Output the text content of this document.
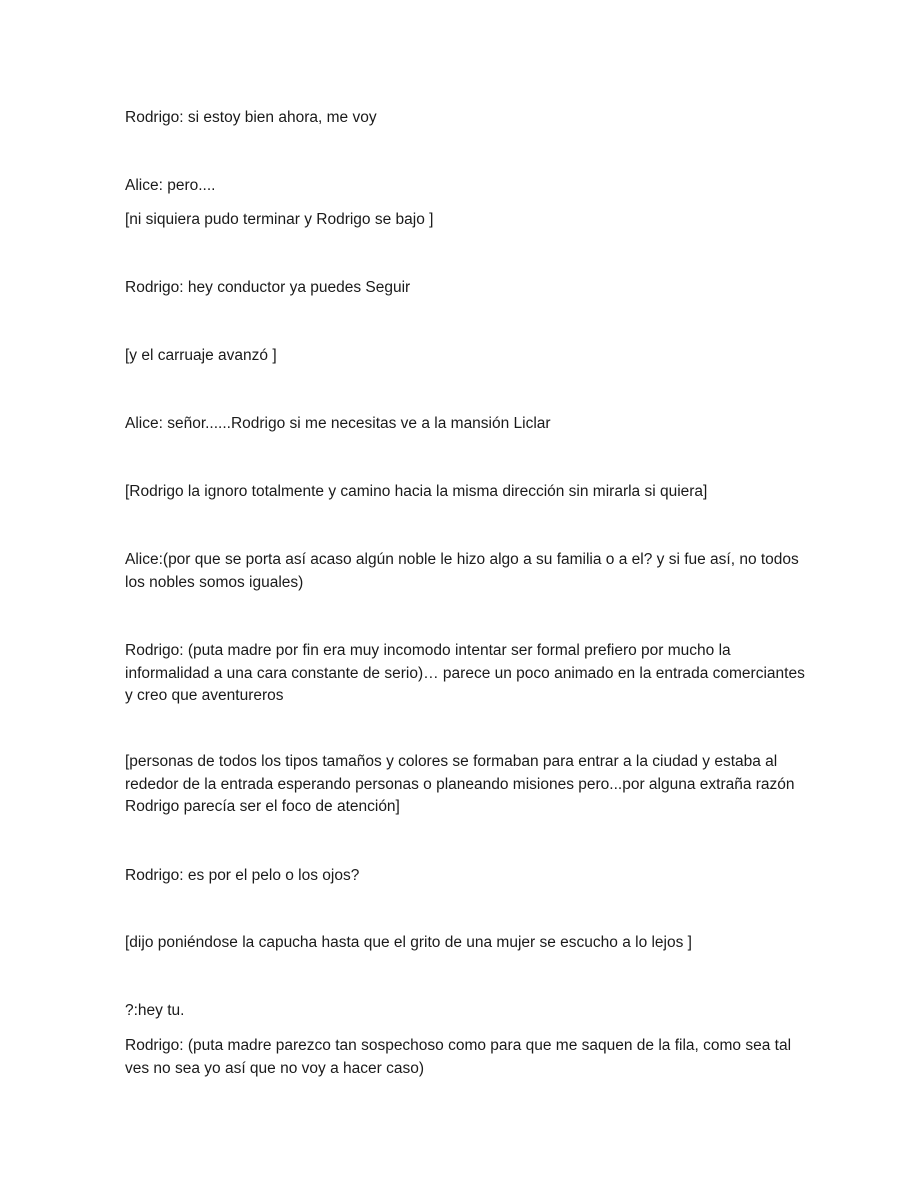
Rodrigo: si estoy bien ahora, me voy

Alice: pero....

[ni siquiera pudo terminar y Rodrigo se bajo ]

Rodrigo: hey conductor ya puedes Seguir

[y el carruaje avanzó ]

Alice: señor......Rodrigo si me necesitas ve a la mansión Liclar

[Rodrigo la ignoro totalmente y camino hacia la misma dirección sin mirarla si quiera]

Alice:(por que se porta así acaso algún noble le hizo algo a su familia o a el? y si fue así, no todos
los nobles somos iguales)

Rodrigo: (puta madre por fin era muy incomodo intentar ser formal prefiero por mucho la
informalidad a una cara constante de serio)… parece un poco animado en la entrada comerciantes
y creo que aventureros

[personas de todos los tipos tamaños y colores se formaban para entrar a la ciudad y estaba al
rededor de la entrada esperando personas o planeando misiones pero...por alguna extraña razón
Rodrigo parecía ser el foco de atención]

Rodrigo: es por el pelo o los ojos?

[dijo poniéndose la capucha hasta que el grito de una mujer se escucho a lo lejos ]

?:hey tu.

Rodrigo: (puta madre parezco tan sospechoso como para que me saquen de la fila, como sea tal
ves no sea yo así que no voy a hacer caso)
